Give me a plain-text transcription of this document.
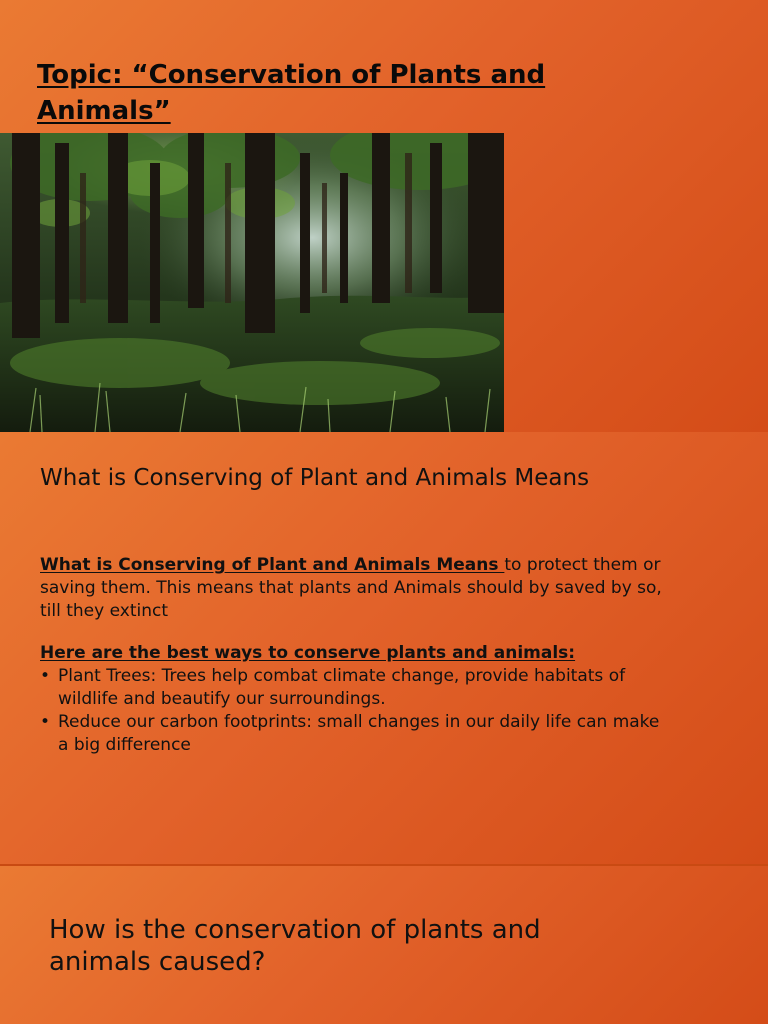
Topic: “Conservation of Plants and Animals”
What is Conserving of Plant and Animals Means

What is Conserving of Plant and Animals Means to protect them or saving them. This means that plants and Animals should by saved by so, till they extinct

Here are the best ways to conserve plants and animals:

• Plant Trees: Trees help combat climate change, provide habitats of wildlife and beautify our surroundings.
• Reduce our carbon footprints: small changes in our daily life can make a big difference
How is the conservation of plants and animals caused?
